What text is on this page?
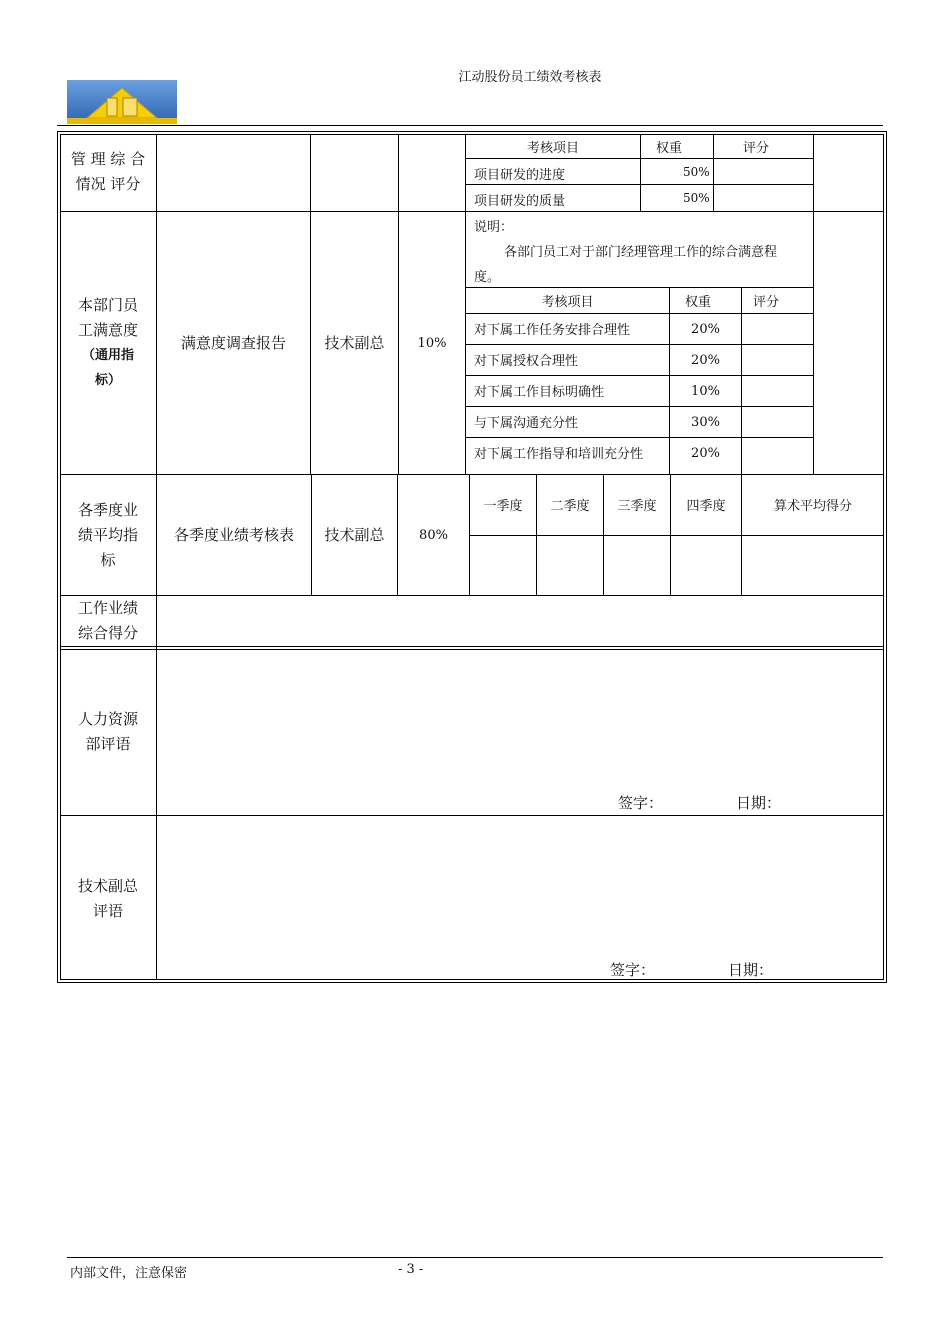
江动股份员工绩效考核表
管 理 综 合
情况 评分
考核项目	权重	评分
项目研发的进度	50%
项目研发的质量	50%
本部门员
工满意度
（通用指
标）
满意度调查报告	技术副总	10%
说明：
各部门员工对于部门经理管理工作的综合满意程
度。
考核项目	权重	评分
对下属工作任务安排合理性	20%
对下属授权合理性	20%
对下属工作目标明确性	10%
与下属沟通充分性	30%
对下属工作指导和培训充分性	20%
各季度业
绩平均指
标
各季度业绩考核表	技术副总	80%
一季度	二季度	三季度	四季度	算术平均得分
工作业绩
综合得分
人力资源
部评语
签字：	日期：
技术副总
评语
签字：	日期：
内部文件，注意保密	- 3 -
